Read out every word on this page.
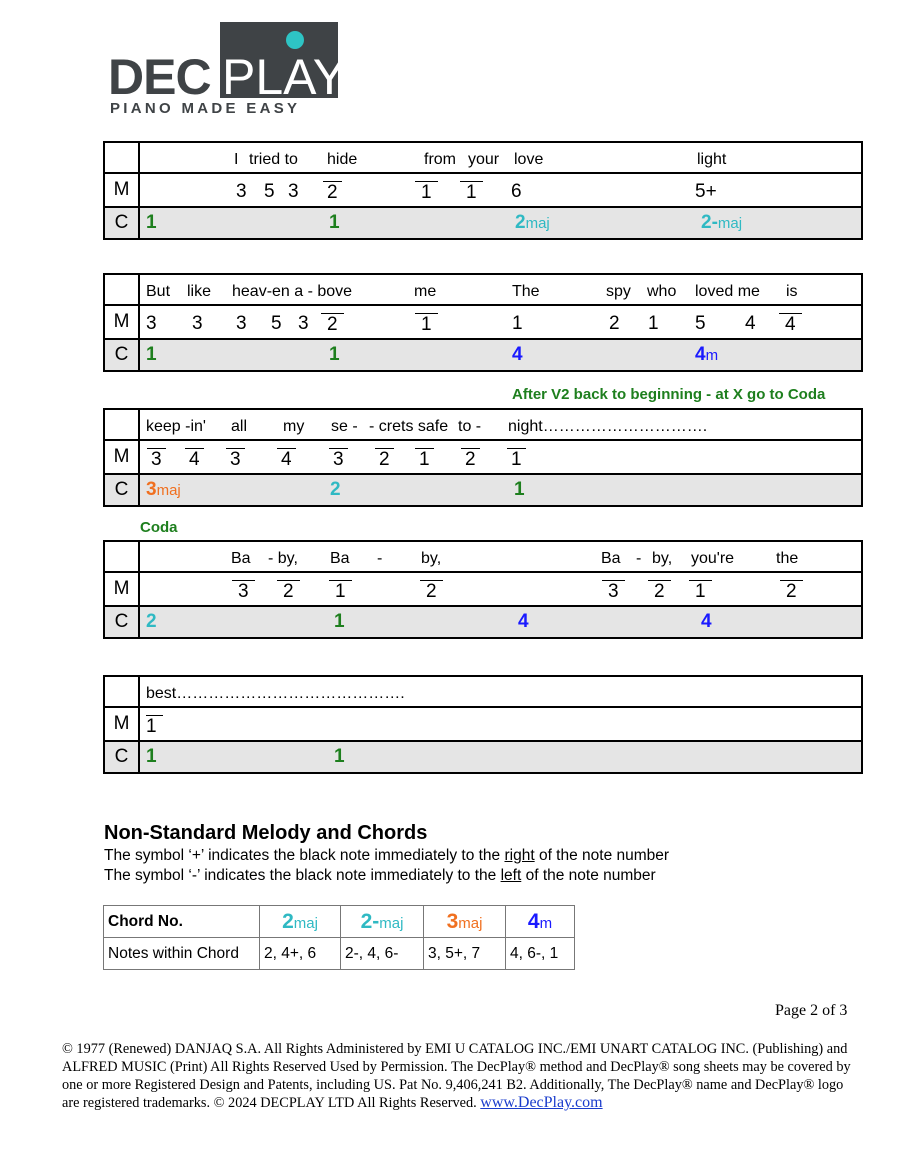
DEC PLAY
PIANO MADE EASY
I tried to hide	from your love	light
M	3 5 3 2	1	1	6	5+
C 1	1	2maj	2-maj
But like heav-en a - bove	me	The	spy who loved me is
M 3 3 3 5 3 2	1	1	2 1 5 4	4
C 1	1	4	4m
After V2 back to beginning - at X go to Coda
keep -in' all my se - - crets safe to - night………………………….
M	3 4 3 4 3 2 1 2 1
C 3maj	2	1
Coda
Ba - by, Ba - by,	Ba - by, you're	the
M	3	2	1	2	3	2	1	2
C 2	1	4	4
best…………………………………….
M 1
C 1	1
Non-Standard Melody and Chords
The symbol ‘+’ indicates the black note immediately to the right of the note number
The symbol ‘-’ indicates the black note immediately to the left of the note number
Chord No.	2maj	2-maj	3maj	4m
Notes within Chord	2, 4+, 6	2-, 4, 6-	3, 5+, 7	4, 6-, 1
Page 2 of 3
© 1977 (Renewed) DANJAQ S.A. All Rights Administered by EMI U CATALOG INC./EMI UNART CATALOG INC. (Publishing) and ALFRED MUSIC (Print) All Rights Reserved Used by Permission. The DecPlay® method and DecPlay® song sheets may be covered by one or more Registered Design and Patents, including US. Pat No. 9,406,241 B2. Additionally, The DecPlay® name and DecPlay® logo are registered trademarks. © 2024 DECPLAY LTD All Rights Reserved. www.DecPlay.com
